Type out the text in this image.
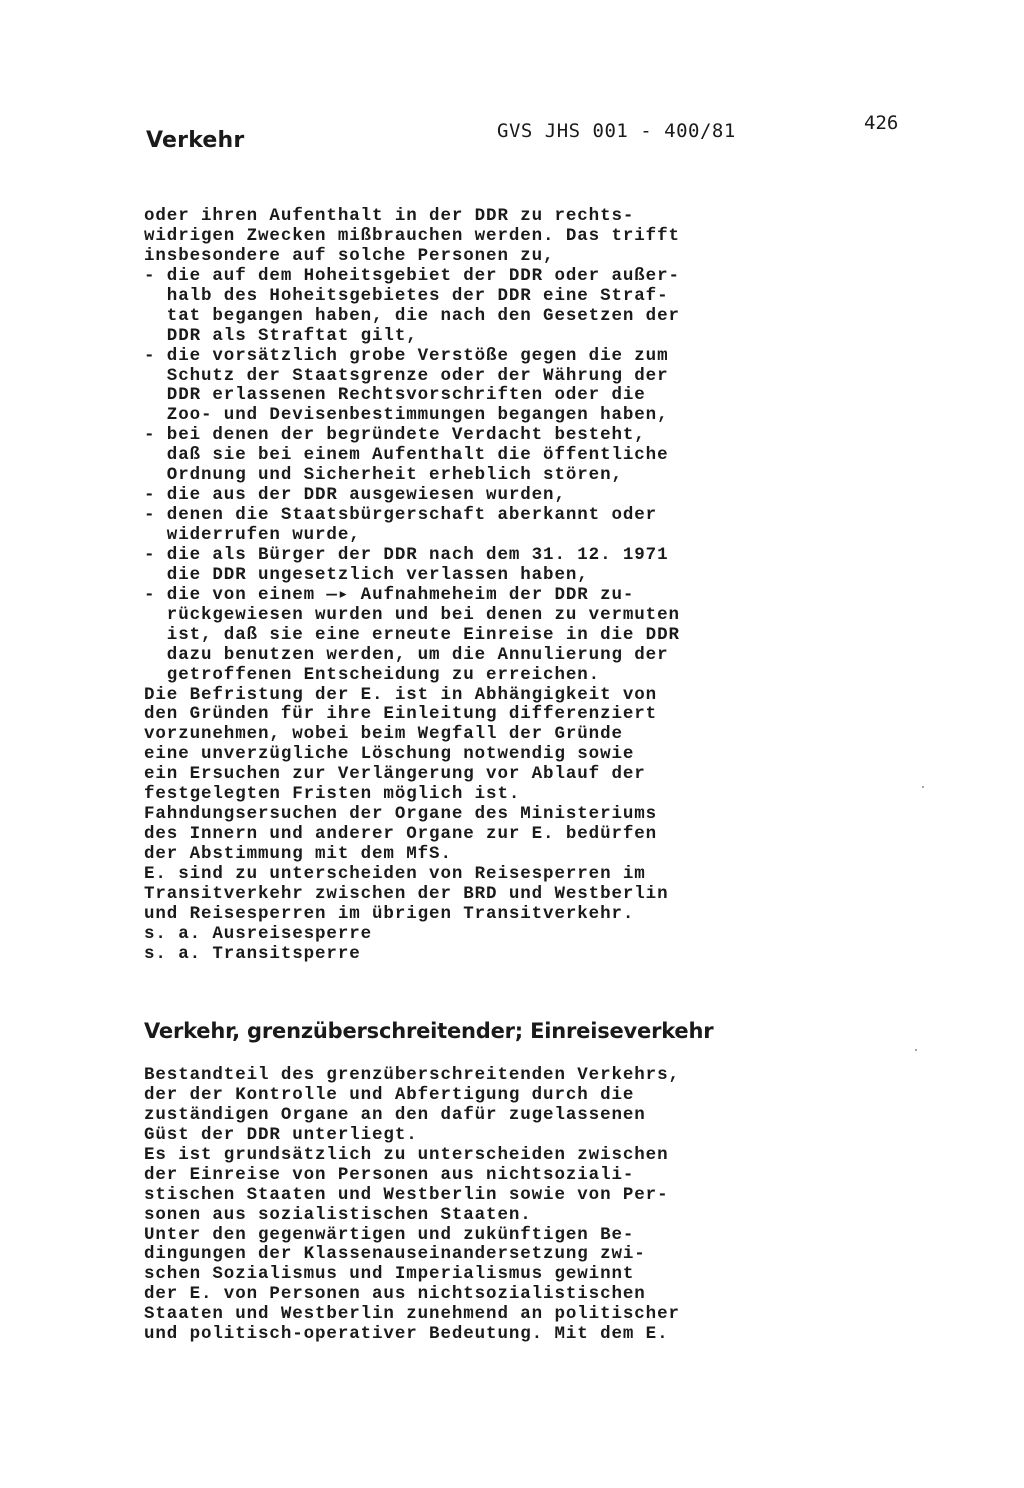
Verkehr	GVS JHS 001 - 400/81	426
oder ihren Aufenthalt in der DDR zu rechts-
widrigen Zwecken mißbrauchen werden. Das trifft
insbesondere auf solche Personen zu,
- die auf dem Hoheitsgebiet der DDR oder außer-
halb des Hoheitsgebietes der DDR eine Straf-
tat begangen haben, die nach den Gesetzen der
DDR als Straftat gilt,
- die vorsätzlich grobe Verstöße gegen die zum
Schutz der Staatsgrenze oder der Währung der
DDR erlassenen Rechtsvorschriften oder die
Zoo- und Devisenbestimmungen begangen haben,
- bei denen der begründete Verdacht besteht,
daß sie bei einem Aufenthalt die öffentliche
Ordnung und Sicherheit erheblich stören,
- die aus der DDR ausgewiesen wurden,
- denen die Staatsbürgerschaft aberkannt oder
widerrufen wurde,
- die als Bürger der DDR nach dem 31. 12. 1971
die DDR ungesetzlich verlassen haben,
- die von einem —▸ Aufnahmeheim der DDR zu-
rückgewiesen wurden und bei denen zu vermuten
ist, daß sie eine erneute Einreise in die DDR
dazu benutzen werden, um die Annulierung der
getroffenen Entscheidung zu erreichen.
Die Befristung der E. ist in Abhängigkeit von
den Gründen für ihre Einleitung differenziert
vorzunehmen, wobei beim Wegfall der Gründe
eine unverzügliche Löschung notwendig sowie
ein Ersuchen zur Verlängerung vor Ablauf der
festgelegten Fristen möglich ist.
Fahndungsersuchen der Organe des Ministeriums
des Innern und anderer Organe zur E. bedürfen
der Abstimmung mit dem MfS.
E. sind zu unterscheiden von Reisesperren im
Transitverkehr zwischen der BRD und Westberlin
und Reisesperren im übrigen Transitverkehr.
s. a. Ausreisesperre
s. a. Transitsperre
Verkehr, grenzüberschreitender; Einreiseverkehr
Bestandteil des grenzüberschreitenden Verkehrs,
der der Kontrolle und Abfertigung durch die
zuständigen Organe an den dafür zugelassenen
Güst der DDR unterliegt.
Es ist grundsätzlich zu unterscheiden zwischen
der Einreise von Personen aus nichtsoziali-
stischen Staaten und Westberlin sowie von Per-
sonen aus sozialistischen Staaten.
Unter den gegenwärtigen und zukünftigen Be-
dingungen der Klassenauseinandersetzung zwi-
schen Sozialismus und Imperialismus gewinnt
der E. von Personen aus nichtsozialistischen
Staaten und Westberlin zunehmend an politischer
und politisch-operativer Bedeutung. Mit dem E.
